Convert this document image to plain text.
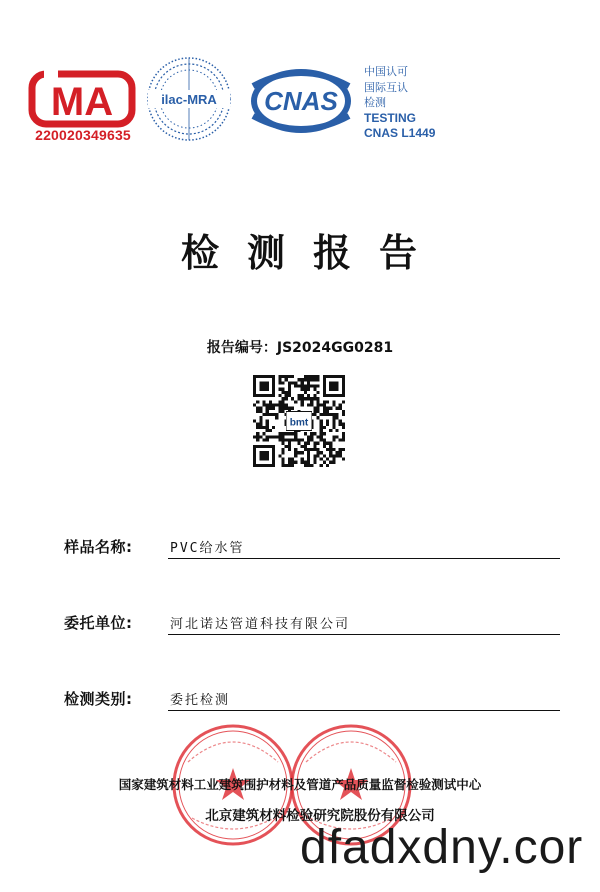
MA
220020349635
ilac-MRA CNAS
中国认可
国际互认
检测
TESTING
CNAS L1449
检测报告
报告编号：JS2024GG0281
bmt
样品名称:	PVC给水管
委托单位:	河北诺达管道科技有限公司
检测类别:	委托检测
国家建筑材料工业建筑围护材料及管道产品质量监督检验测试中心
北京建筑材料检验研究院股份有限公司
dfadxdny.cor
